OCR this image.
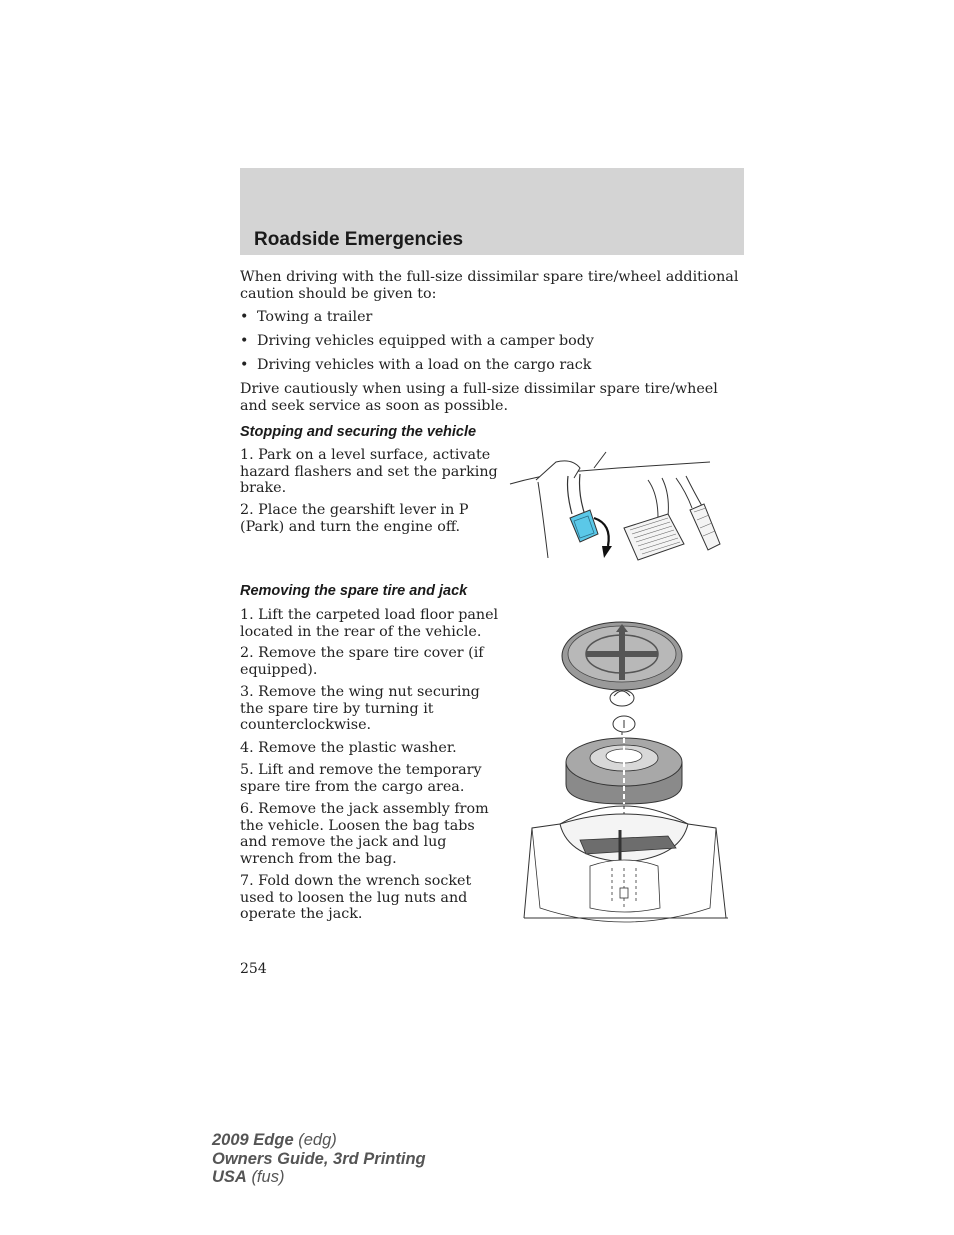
Roadside Emergencies
When driving with the full-size dissimilar spare tire/wheel additional caution should be given to:
• Towing a trailer
• Driving vehicles equipped with a camper body
• Driving vehicles with a load on the cargo rack
Drive cautiously when using a full-size dissimilar spare tire/wheel and seek service as soon as possible.
Stopping and securing the vehicle
1. Park on a level surface, activate hazard flashers and set the parking brake.
2. Place the gearshift lever in P (Park) and turn the engine off.
Removing the spare tire and jack
1. Lift the carpeted load floor panel located in the rear of the vehicle.
2. Remove the spare tire cover (if equipped).
3. Remove the wing nut securing the spare tire by turning it counterclockwise.
4. Remove the plastic washer.
5. Lift and remove the temporary spare tire from the cargo area.
6. Remove the jack assembly from the vehicle. Loosen the bag tabs and remove the jack and lug wrench from the bag.
7. Fold down the wrench socket used to loosen the lug nuts and operate the jack.
254
2009 Edge (edg)
Owners Guide, 3rd Printing
USA (fus)
